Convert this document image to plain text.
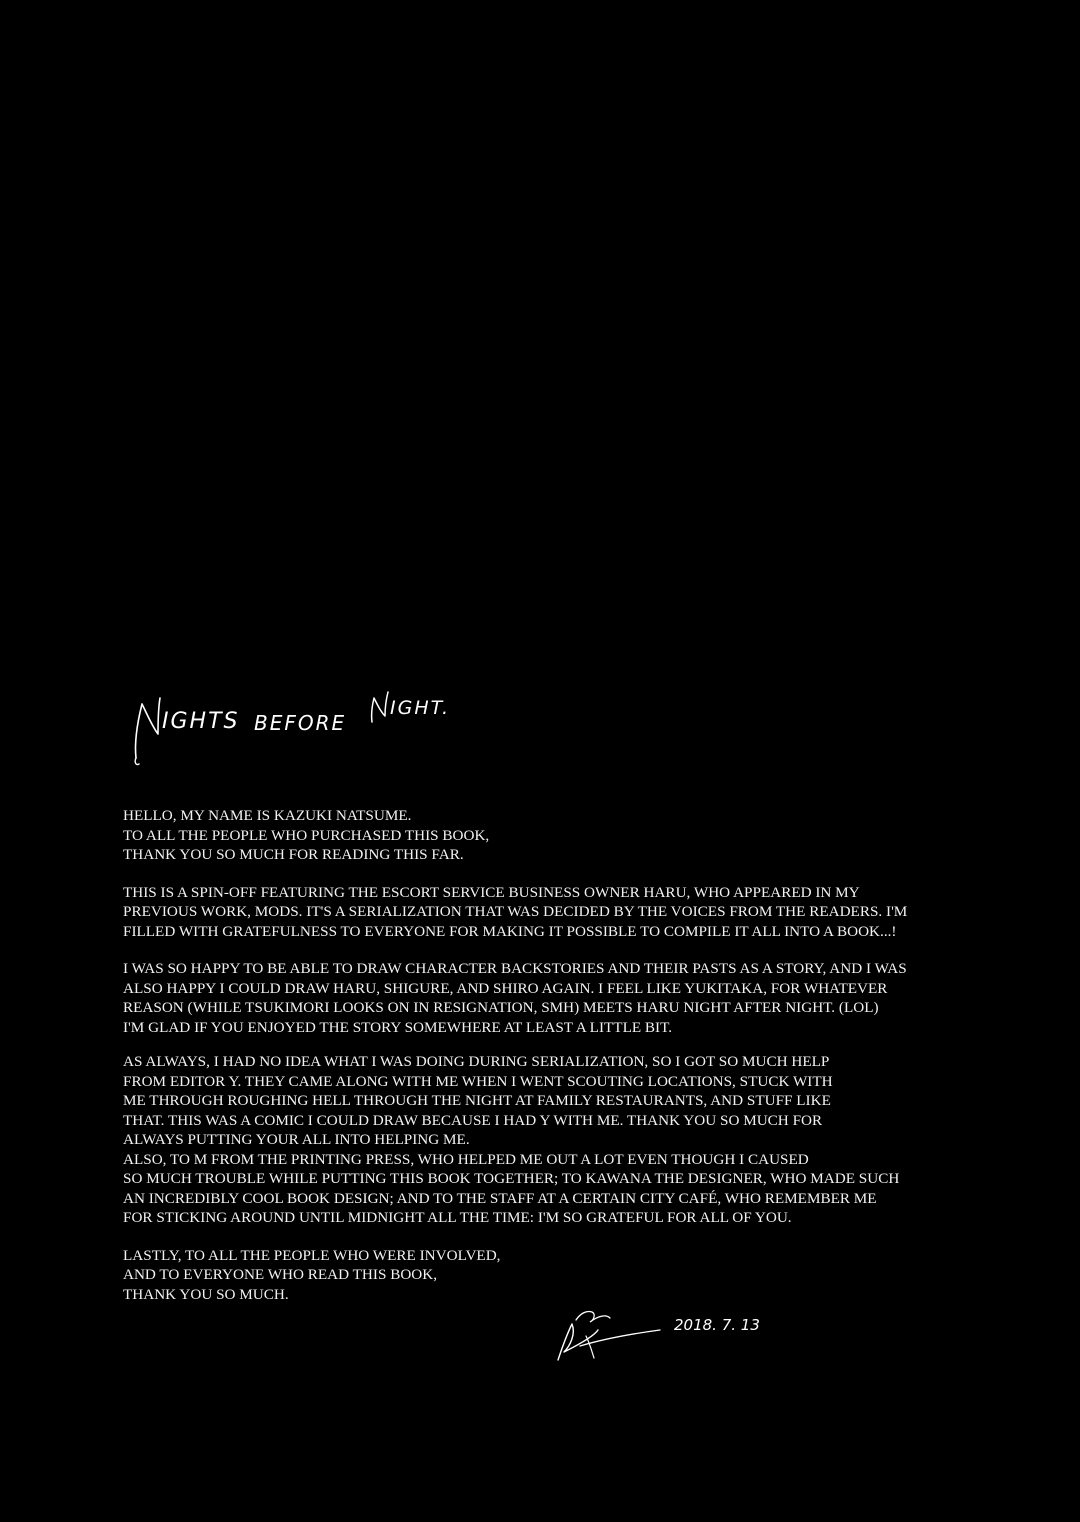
IGHTS BEFORE
IGHT.
HELLO, MY NAME IS KAZUKI NATSUME.
TO ALL THE PEOPLE WHO PURCHASED THIS BOOK,
THANK YOU SO MUCH FOR READING THIS FAR.
THIS IS A SPIN-OFF FEATURING THE ESCORT SERVICE BUSINESS OWNER HARU, WHO APPEARED IN MY
PREVIOUS WORK, MODS. IT'S A SERIALIZATION THAT WAS DECIDED BY THE VOICES FROM THE READERS. I'M
FILLED WITH GRATEFULNESS TO EVERYONE FOR MAKING IT POSSIBLE TO COMPILE IT ALL INTO A BOOK...!
I WAS SO HAPPY TO BE ABLE TO DRAW CHARACTER BACKSTORIES AND THEIR PASTS AS A STORY, AND I WAS
ALSO HAPPY I COULD DRAW HARU, SHIGURE, AND SHIRO AGAIN. I FEEL LIKE YUKITAKA, FOR WHATEVER
REASON (WHILE TSUKIMORI LOOKS ON IN RESIGNATION, SMH) MEETS HARU NIGHT AFTER NIGHT. (LOL)
I'M GLAD IF YOU ENJOYED THE STORY SOMEWHERE AT LEAST A LITTLE BIT.
AS ALWAYS, I HAD NO IDEA WHAT I WAS DOING DURING SERIALIZATION, SO I GOT SO MUCH HELP
FROM EDITOR Y. THEY CAME ALONG WITH ME WHEN I WENT SCOUTING LOCATIONS, STUCK WITH
ME THROUGH ROUGHING HELL THROUGH THE NIGHT AT FAMILY RESTAURANTS, AND STUFF LIKE
THAT. THIS WAS A COMIC I COULD DRAW BECAUSE I HAD Y WITH ME. THANK YOU SO MUCH FOR
ALWAYS PUTTING YOUR ALL INTO HELPING ME.
ALSO, TO M FROM THE PRINTING PRESS, WHO HELPED ME OUT A LOT EVEN THOUGH I CAUSED
SO MUCH TROUBLE WHILE PUTTING THIS BOOK TOGETHER; TO KAWANA THE DESIGNER, WHO MADE SUCH
AN INCREDIBLY COOL BOOK DESIGN; AND TO THE STAFF AT A CERTAIN CITY CAFÉ, WHO REMEMBER ME
FOR STICKING AROUND UNTIL MIDNIGHT ALL THE TIME: I'M SO GRATEFUL FOR ALL OF YOU.
LASTLY, TO ALL THE PEOPLE WHO WERE INVOLVED,
AND TO EVERYONE WHO READ THIS BOOK,
THANK YOU SO MUCH.
2018. 7. 13
